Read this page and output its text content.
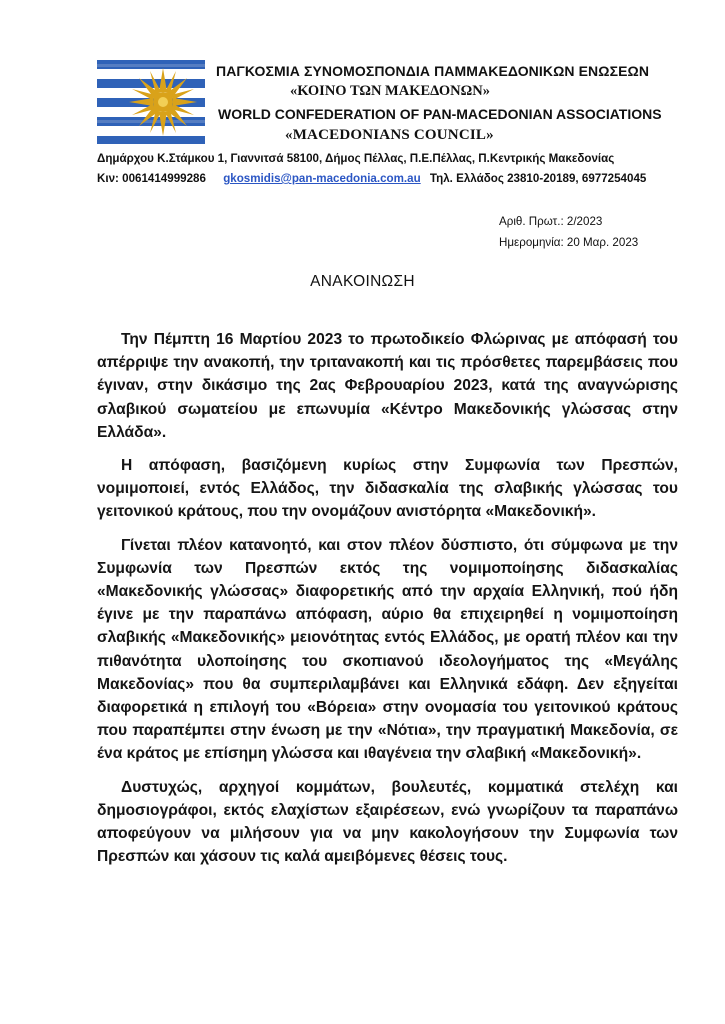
ΠΑΓΚΟΣΜΙΑ ΣΥΝΟΜΟΣΠΟΝΔΙΑ ΠΑΜΜΑΚΕΔΟΝΙΚΩΝ ΕΝΩΣΕΩΝ
«ΚΟΙΝΟ ΤΩΝ ΜΑΚΕΔΟΝΩΝ»
WORLD CONFEDERATION OF PAN-MACEDONIAN ASSOCIATIONS
«MACEDONIANS COUNCIL»
Δημάρχου Κ.Στάμκου 1, Γιαννιτσά 58100, Δήμος Πέλλας, Π.Ε.Πέλλας, Π.Κεντρικής Μακεδονίας
Κιν: 0061414999286 gkosmidis@pan-macedonia.com.au Τηλ. Ελλάδος 23810-20189, 6977254045
Αριθ. Πρωτ.: 2/2023
Ημερομηνία: 20 Μαρ. 2023
ΑΝΑΚΟΙΝΩΣΗ

Την Πέμπτη 16 Μαρτίου 2023 το πρωτοδικείο Φλώρινας με απόφασή του απέρριψε την ανακοπή, την τριτανακοπή και τις πρόσθετες παρεμβάσεις που έγιναν, στην δικάσιμο της 2ας Φεβρουαρίου 2023, κατά της αναγνώρισης σλαβικού σωματείου με επωνυμία «Κέντρο Μακεδονικής γλώσσας στην Ελλάδα».

Η απόφαση, βασιζόμενη κυρίως στην Συμφωνία των Πρεσπών, νομιμοποιεί, εντός Ελλάδος, την διδασκαλία της σλαβικής γλώσσας του γειτονικού κράτους, που την ονομάζουν ανιστόρητα «Μακεδονική».

Γίνεται πλέον κατανοητό, και στον πλέον δύσπιστο, ότι σύμφωνα με την Συμφωνία των Πρεσπών εκτός της νομιμοποίησης διδασκαλίας «Μακεδονικής γλώσσας» διαφορετικής από την αρχαία Ελληνική, πού ήδη έγινε με την παραπάνω απόφαση, αύριο θα επιχειρηθεί η νομιμοποίηση σλαβικής «Μακεδονικής» μειονότητας εντός Ελλάδος, με ορατή πλέον και την πιθανότητα υλοποίησης του σκοπιανού ιδεολογήματος της «Μεγάλης Μακεδονίας» που θα συμπεριλαμβάνει και Ελληνικά εδάφη. Δεν εξηγείται διαφορετικά η επιλογή του «Βόρεια» στην ονομασία του γειτονικού κράτους που παραπέμπει στην ένωση με την «Νότια», την πραγματική Μακεδονία, σε ένα κράτος με επίσημη γλώσσα και ιθαγένεια την σλαβική «Μακεδονική».

Δυστυχώς, αρχηγοί κομμάτων, βουλευτές, κομματικά στελέχη και δημοσιογράφοι, εκτός ελαχίστων εξαιρέσεων, ενώ γνωρίζουν τα παραπάνω αποφεύγουν να μιλήσουν για να μην κακολογήσουν την Συμφωνία των Πρεσπών και χάσουν τις καλά αμειβόμενες θέσεις τους.
